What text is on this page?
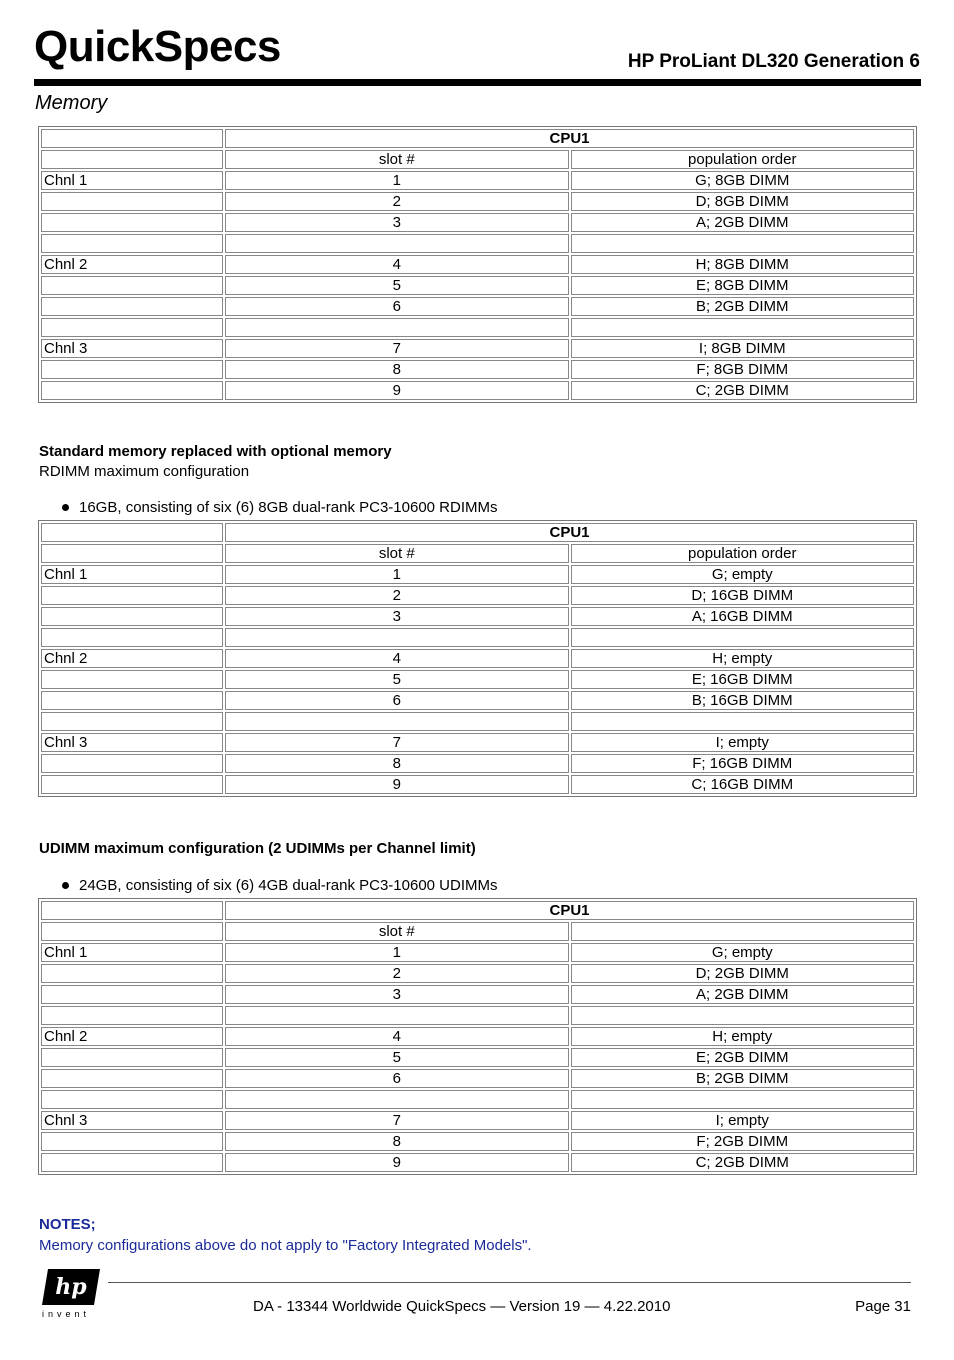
QuickSpecs	HP ProLiant DL320 Generation 6
Memory
	CPU1	
	slot #	population order
Chnl 1	1	G; 8GB DIMM
	2	D; 8GB DIMM
	3	A; 2GB DIMM

Chnl 2	4	H; 8GB DIMM
	5	E; 8GB DIMM
	6	B; 2GB DIMM

Chnl 3	7	I; 8GB DIMM
	8	F; 8GB DIMM
	9	C; 2GB DIMM
Standard memory replaced with optional memory
RDIMM maximum configuration
16GB, consisting of six (6) 8GB dual-rank PC3-10600 RDIMMs
	CPU1	
	slot #	population order
Chnl 1	1	G; empty
	2	D; 16GB DIMM
	3	A; 16GB DIMM

Chnl 2	4	H; empty
	5	E; 16GB DIMM
	6	B; 16GB DIMM

Chnl 3	7	I; empty
	8	F; 16GB DIMM
	9	C; 16GB DIMM
UDIMM maximum configuration (2 UDIMMs per Channel limit)
24GB, consisting of six (6) 4GB dual-rank PC3-10600 UDIMMs
	CPU1	
	slot #	
Chnl 1	1	G; empty
	2	D; 2GB DIMM
	3	A; 2GB DIMM

Chnl 2	4	H; empty
	5	E; 2GB DIMM
	6	B; 2GB DIMM

Chnl 3	7	I; empty
	8	F; 2GB DIMM
	9	C; 2GB DIMM
NOTES;
Memory configurations above do not apply to "Factory Integrated Models".
hp
invent	DA - 13344 Worldwide QuickSpecs — Version 19 — 4.22.2010	Page 31
